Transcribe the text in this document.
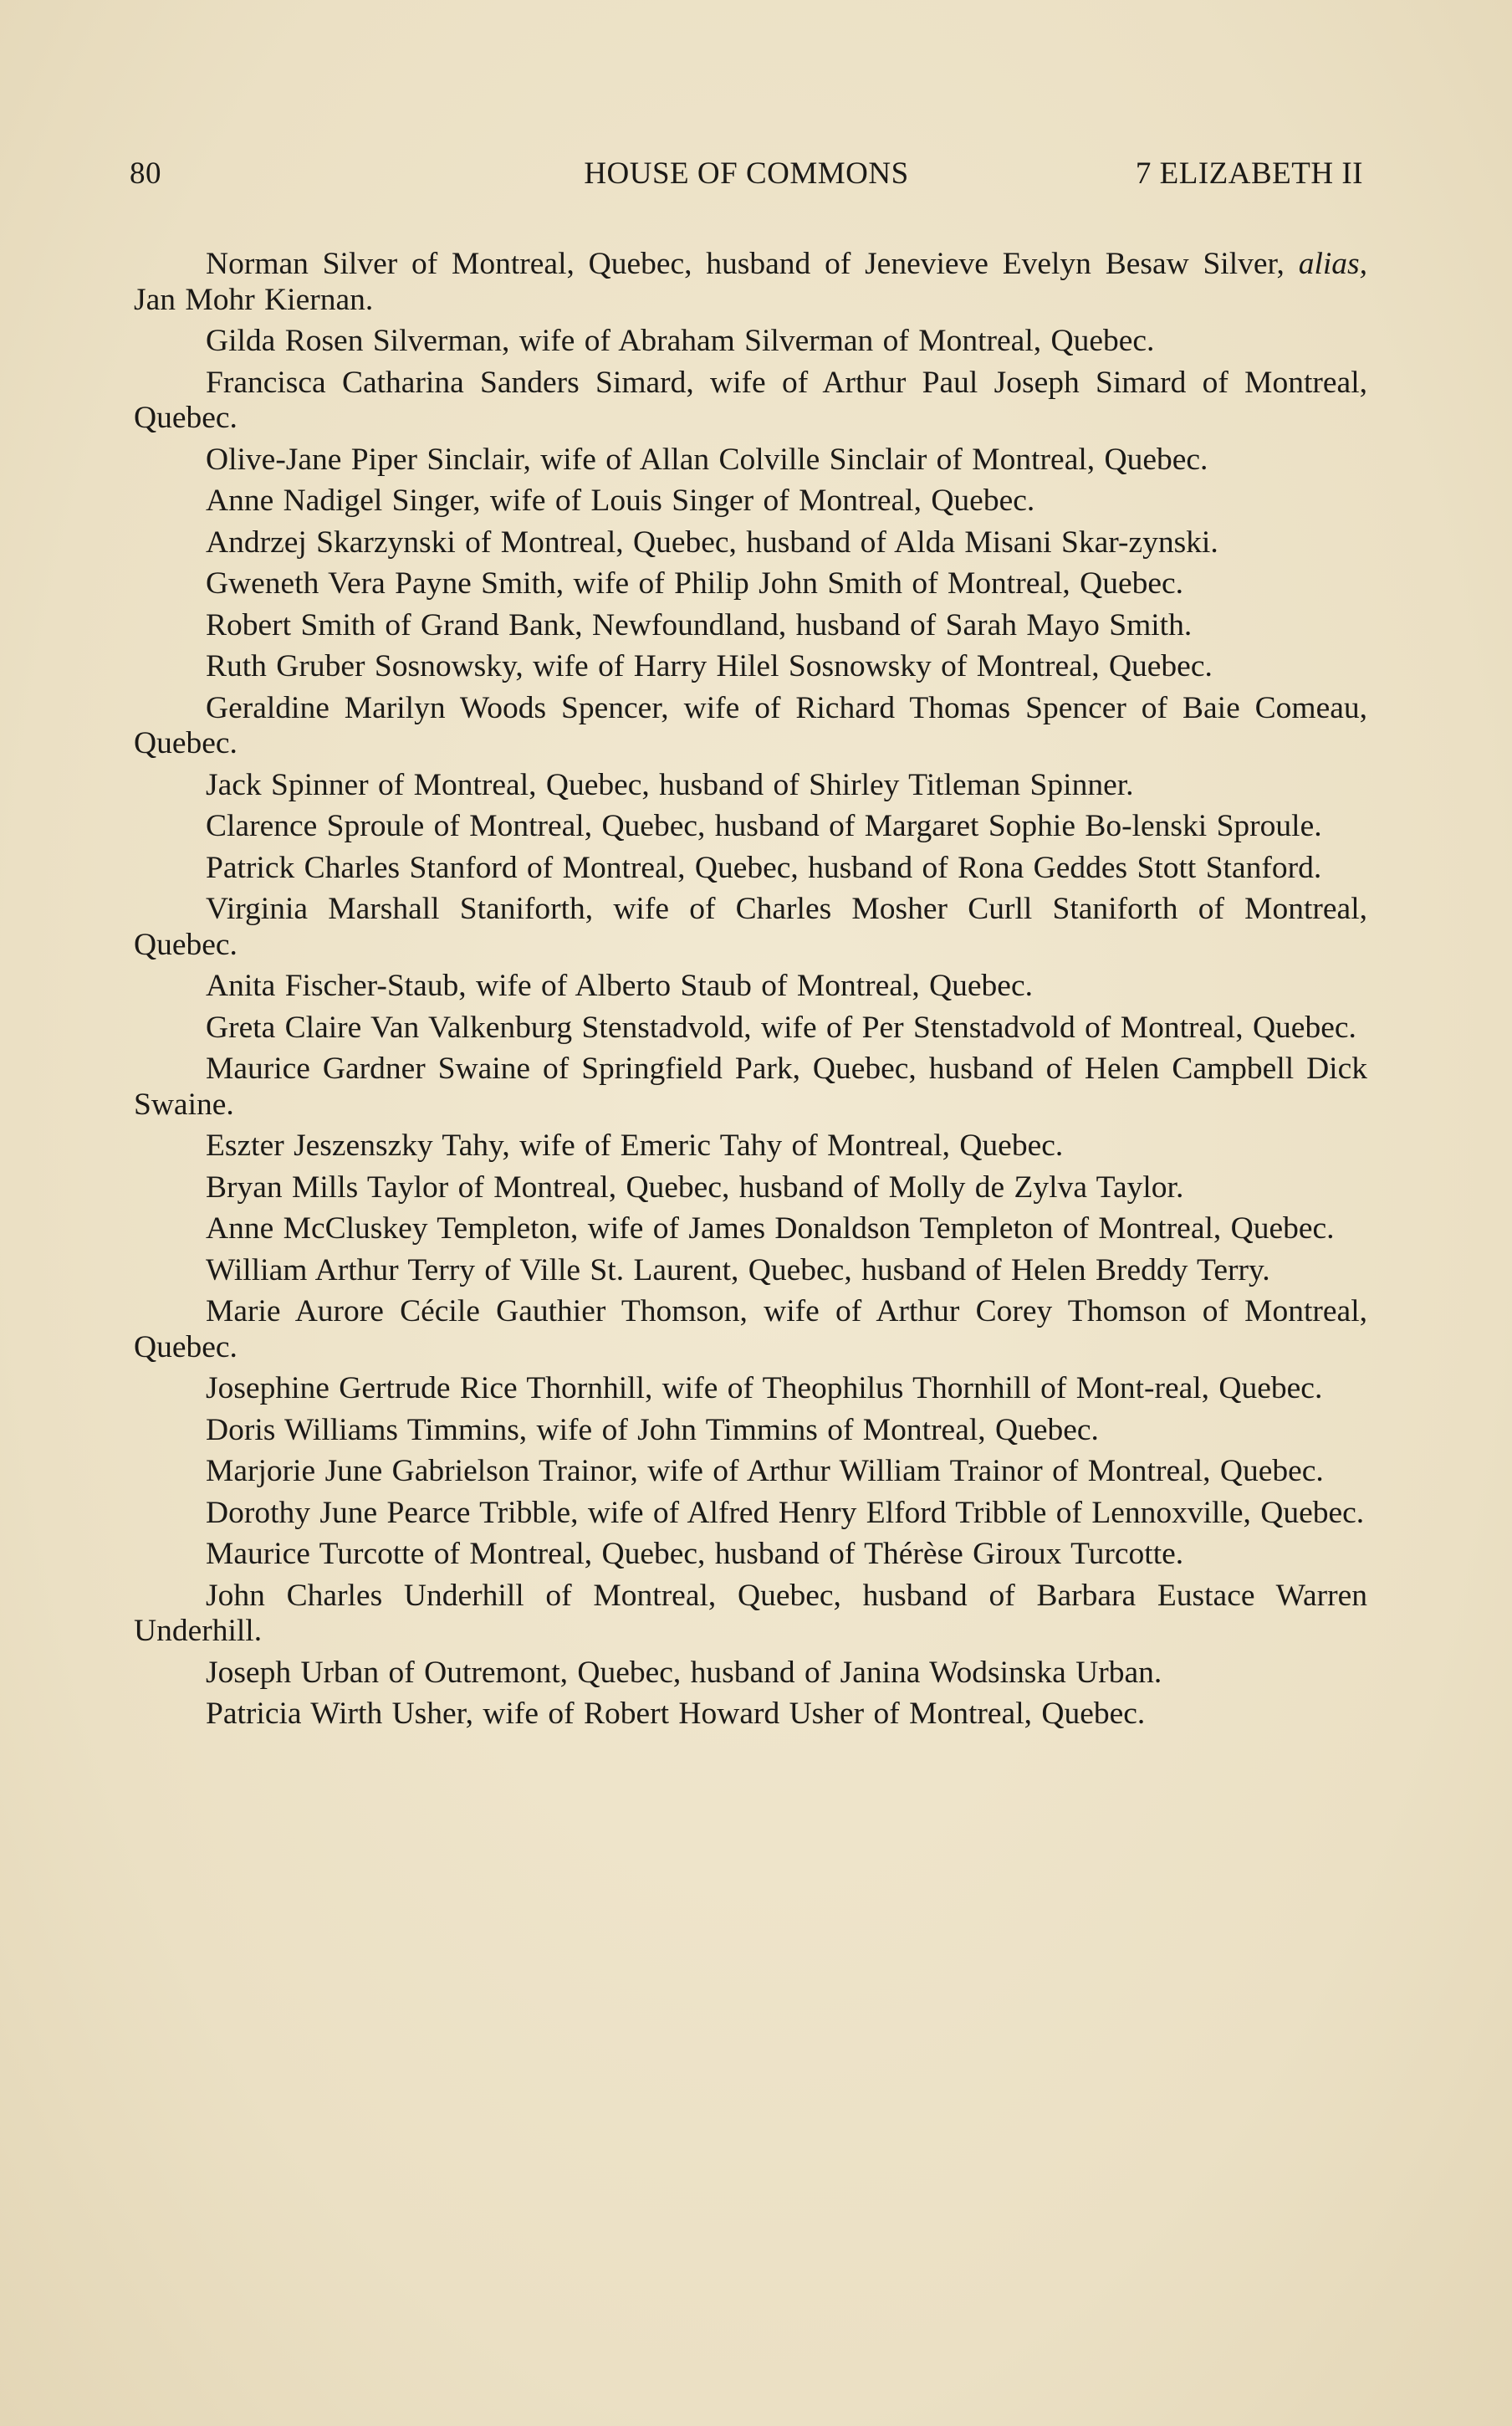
80	HOUSE OF COMMONS	7 ELIZABETH II

Norman Silver of Montreal, Quebec, husband of Jenevieve Evelyn Besaw Silver, alias, Jan Mohr Kiernan.

Gilda Rosen Silverman, wife of Abraham Silverman of Montreal, Quebec.

Francisca Catharina Sanders Simard, wife of Arthur Paul Joseph Simard of Montreal, Quebec.

Olive-Jane Piper Sinclair, wife of Allan Colville Sinclair of Montreal, Quebec.

Anne Nadigel Singer, wife of Louis Singer of Montreal, Quebec.

Andrzej Skarzynski of Montreal, Quebec, husband of Alda Misani Skar-zynski.

Gweneth Vera Payne Smith, wife of Philip John Smith of Montreal, Quebec.

Robert Smith of Grand Bank, Newfoundland, husband of Sarah Mayo Smith.

Ruth Gruber Sosnowsky, wife of Harry Hilel Sosnowsky of Montreal, Quebec.

Geraldine Marilyn Woods Spencer, wife of Richard Thomas Spencer of Baie Comeau, Quebec.

Jack Spinner of Montreal, Quebec, husband of Shirley Titleman Spinner.

Clarence Sproule of Montreal, Quebec, husband of Margaret Sophie Bo-lenski Sproule.

Patrick Charles Stanford of Montreal, Quebec, husband of Rona Geddes Stott Stanford.

Virginia Marshall Staniforth, wife of Charles Mosher Curll Staniforth of Montreal, Quebec.

Anita Fischer-Staub, wife of Alberto Staub of Montreal, Quebec.

Greta Claire Van Valkenburg Stenstadvold, wife of Per Stenstadvold of Montreal, Quebec.

Maurice Gardner Swaine of Springfield Park, Quebec, husband of Helen Campbell Dick Swaine.

Eszter Jeszenszky Tahy, wife of Emeric Tahy of Montreal, Quebec.

Bryan Mills Taylor of Montreal, Quebec, husband of Molly de Zylva Taylor.

Anne McCluskey Templeton, wife of James Donaldson Templeton of Montreal, Quebec.

William Arthur Terry of Ville St. Laurent, Quebec, husband of Helen Breddy Terry.

Marie Aurore Cécile Gauthier Thomson, wife of Arthur Corey Thomson of Montreal, Quebec.

Josephine Gertrude Rice Thornhill, wife of Theophilus Thornhill of Mont-real, Quebec.

Doris Williams Timmins, wife of John Timmins of Montreal, Quebec.

Marjorie June Gabrielson Trainor, wife of Arthur William Trainor of Montreal, Quebec.

Dorothy June Pearce Tribble, wife of Alfred Henry Elford Tribble of Lennoxville, Quebec.

Maurice Turcotte of Montreal, Quebec, husband of Thérèse Giroux Turcotte.

John Charles Underhill of Montreal, Quebec, husband of Barbara Eustace Warren Underhill.

Joseph Urban of Outremont, Quebec, husband of Janina Wodsinska Urban.

Patricia Wirth Usher, wife of Robert Howard Usher of Montreal, Quebec.
